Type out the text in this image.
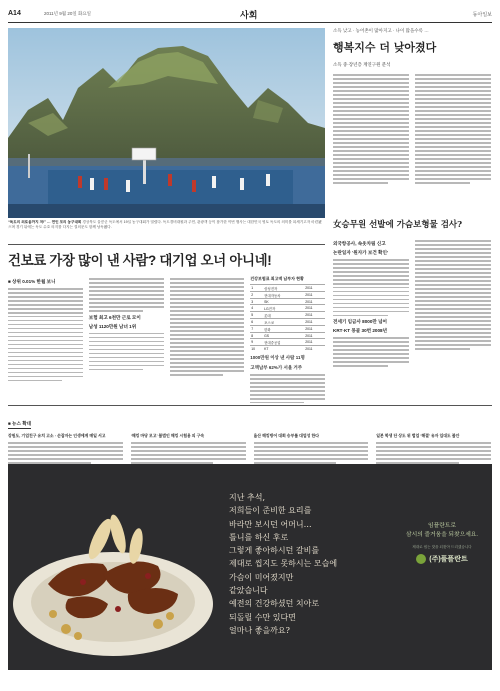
A14	2011년 9월 20일 화요일	사회	동아일보
“독도의 외로움까지 저!” … 연인 모의 농구대회 경상북도 울릉군 독도에서 19일 농구대회가 열렸다. 독도경비대원과 주민, 관광객 등이 참가한 이번 행사는 대한민국 영토 독도의 의미를 되새기고자 마련됐으며 경기 뒤에는 독도 수호 의지를 다지는 결의문도 함께 낭독됐다.
소득 낮고 · 농어촌이 많아지고 · 나이 많을수록 …
행복지수 더 낮아졌다
소득 중·장년층 계연구원 분석
건보료 가장 많이 낸 사람? 대기업 오너 아니네!
■ 상위 0.01% 한월 보니
보험 최고 6천만 근로 모이
남성 1120만원 남녀 1위
건강보험료 최고액 납부자 현황
1	삼성전자	2011
2	현대자동차	2011
3	SK	2011
4	LG전자	2011
5	롯데	2011
6	포스코	2011
7	한화	2011
8	GS	2011
9	현대중공업	2011
10	KT	2011
1000만원 이상 낸 사람 11명
고액납부 62%가 서울 거주
女승무원 선발에 가슴보형물 검사?
외국항공사, 속옷차림 신고
논란일자 ‘원자가 보건 확인’
전세기 임금사 8000만 넘어
KRT·KT 몽골 30번 2008년
■ 뉴스 확대
강원도, 기업친구 유치 고소 · 손잡자는 인생에게 매일 서고	‘해킹 마당 모고’ 불법인 해킹 시험용 의 구속	울산 해킹방어 대회 승부를 대업성 한다	일본 학생 단 상도 위 법업 ‘해결’ 유자 입대도 불안
지난 추석,
저희들이 준비한 요리를
바라만 보시던 어머니…
틀니를 하신 후로
그렇게 좋아하시던 갈비를
제대로 씹지도 못하시는 모습에
가슴이 미어졌지만
같았습니다
예전의 건강하셨던 치아로
되돌릴 수만 있다면
얼마나 좋을까요?
임플란트로
삼시의 즐거움을 되찾으세요.
제대로 씹는 맛을 되찾아 드리겠습니다
(주)풀플란트
